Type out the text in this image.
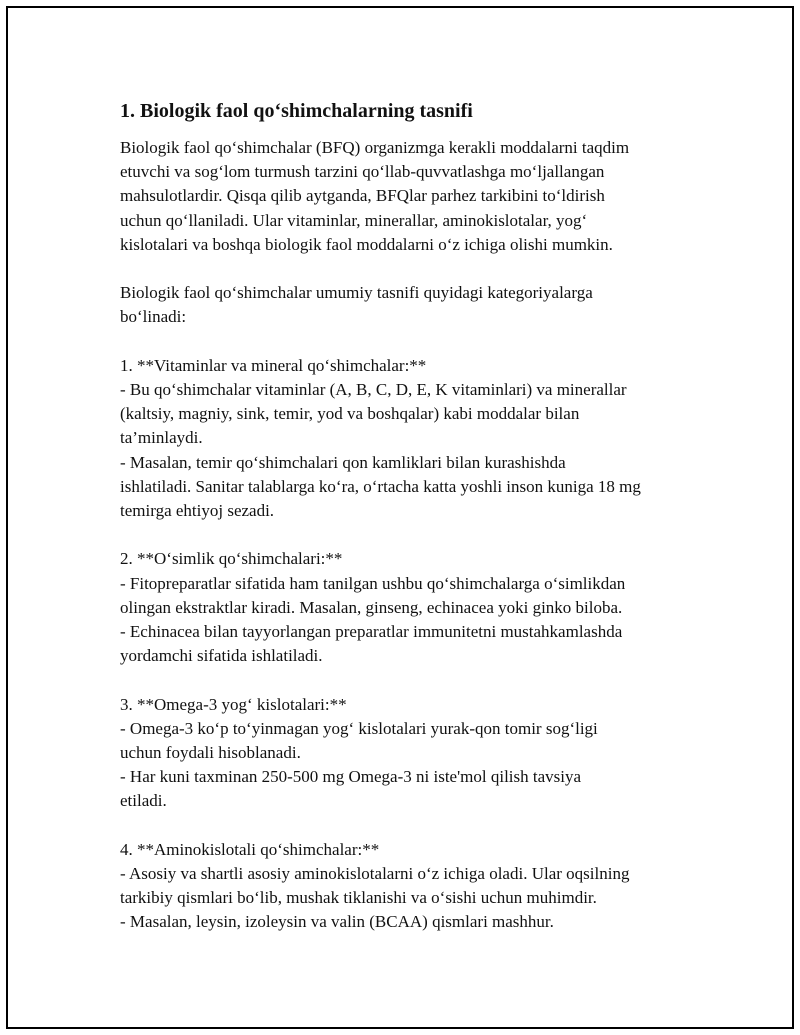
1. Biologik faol qo‘shimchalarning tasnifi

Biologik faol qo‘shimchalar (BFQ) organizmga kerakli moddalarni taqdim
etuvchi va sog‘lom turmush tarzini qo‘llab-quvvatlashga mo‘ljallangan
mahsulotlardir. Qisqa qilib aytganda, BFQlar parhez tarkibini to‘ldirish
uchun qo‘llaniladi. Ular vitaminlar, minerallar, aminokislotalar, yog‘
kislotalari va boshqa biologik faol moddalarni o‘z ichiga olishi mumkin.

Biologik faol qo‘shimchalar umumiy tasnifi quyidagi kategoriyalarga
bo‘linadi:

1. **Vitaminlar va mineral qo‘shimchalar:**

- Bu qo‘shimchalar vitaminlar (A, B, C, D, E, K vitaminlari) va minerallar
(kaltsiy, magniy, sink, temir, yod va boshqalar) kabi moddalar bilan
ta’minlaydi.
- Masalan, temir qo‘shimchalari qon kamliklari bilan kurashishda
ishlatiladi. Sanitar talablarga ko‘ra, o‘rtacha katta yoshli inson kuniga 18 mg
temirga ehtiyoj sezadi.

2. **O‘simlik qo‘shimchalari:**

- Fitopreparatlar sifatida ham tanilgan ushbu qo‘shimchalarga o‘simlikdan
olingan ekstraktlar kiradi. Masalan, ginseng, echinacea yoki ginko biloba.
- Echinacea bilan tayyorlangan preparatlar immunitetni mustahkamlashda
yordamchi sifatida ishlatiladi.

3. **Omega-3 yog‘ kislotalari:**

- Omega-3 ko‘p to‘yinmagan yog‘ kislotalari yurak-qon tomir sog‘ligi
uchun foydali hisoblanadi.
- Har kuni taxminan 250-500 mg Omega-3 ni iste'mol qilish tavsiya
etiladi.

4. **Aminokislotali qo‘shimchalar:**

- Asosiy va shartli asosiy aminokislotalarni o‘z ichiga oladi. Ular oqsilning
tarkibiy qismlari bo‘lib, mushak tiklanishi va o‘sishi uchun muhimdir.
- Masalan, leysin, izoleysin va valin (BCAA) qismlari mashhur.
